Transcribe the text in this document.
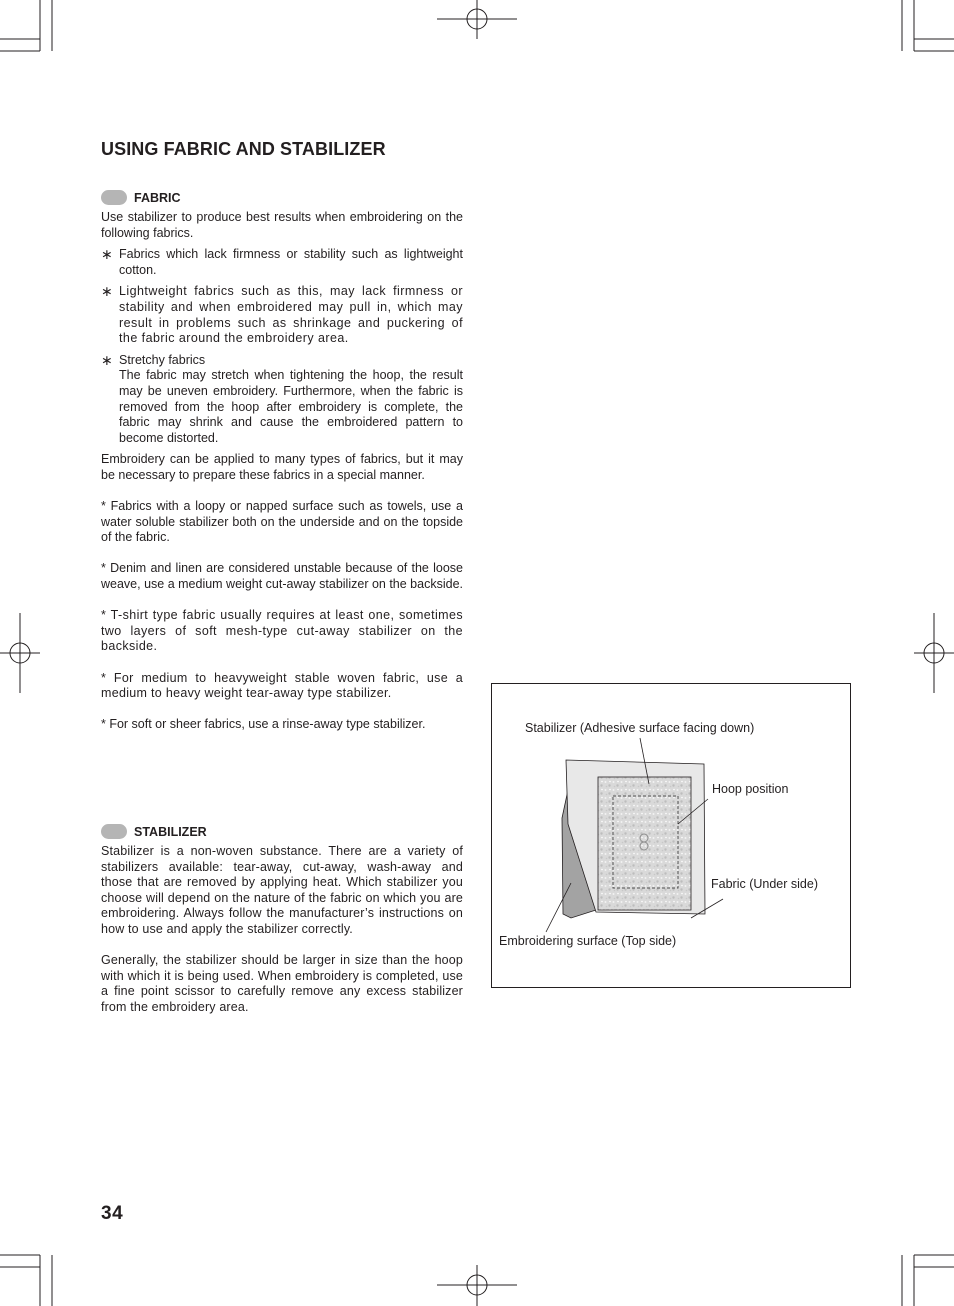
USING FABRIC AND STABILIZER
FABRIC

Use stabilizer to produce best results when embroidering on the following fabrics.

∗ Fabrics which lack firmness or stability such as lightweight cotton.
∗ Lightweight fabrics such as this, may lack firmness or stability and when embroidered may pull in, which may result in problems such as shrinkage and puckering of the fabric around the embroidery area.
∗ Stretchy fabrics
The fabric may stretch when tightening the hoop, the result may be uneven embroidery. Furthermore, when the fabric is removed from the hoop after embroidery is complete, the fabric may shrink and cause the embroidered pattern to become distorted.

Embroidery can be applied to many types of fabrics, but it may be necessary to prepare these fabrics in a special manner.

* Fabrics with a loopy or napped surface such as towels, use a water soluble stabilizer both on the underside and on the topside of the fabric.

* Denim and linen are considered unstable because of the loose weave, use a medium weight cut-away stabilizer on the backside.

* T-shirt type fabric usually requires at least one, sometimes two layers of soft mesh-type cut-away stabilizer on the backside.

* For medium to heavyweight stable woven fabric, use a medium to heavy weight tear-away type stabilizer.

* For soft or sheer fabrics, use a rinse-away type stabilizer.

STABILIZER

Stabilizer is a non-woven substance. There are a variety of stabilizers available: tear-away, cut-away, wash-away and those that are removed by applying heat. Which stabilizer you choose will depend on the nature of the fabric on which you are embroidering. Always follow the manufacturer’s instructions on how to use and apply the stabilizer correctly.

Generally, the stabilizer should be larger in size than the hoop with which it is being used. When embroidery is completed, use a fine point scissor to carefully remove any excess stabilizer from the embroidery area.

Stabilizer (Adhesive surface facing down)
Hoop position
Fabric (Under side)
Embroidering surface (Top side)
34
